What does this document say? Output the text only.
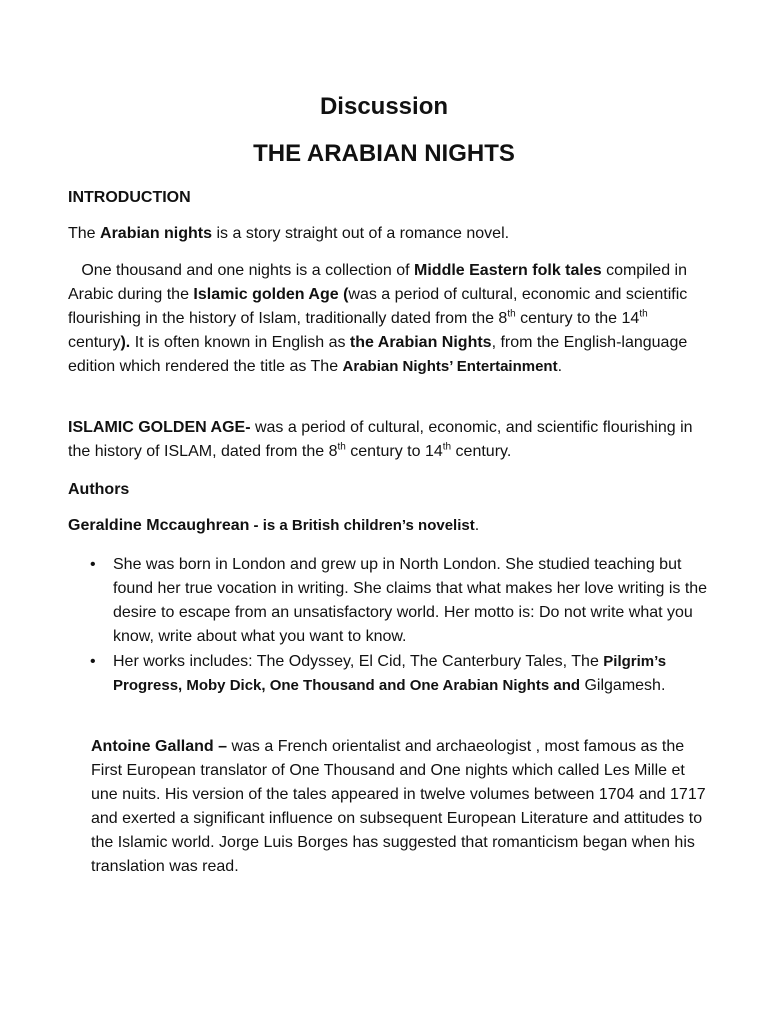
Discussion
THE ARABIAN NIGHTS

INTRODUCTION

The Arabian nights is a story straight out of a romance novel.

One thousand and one nights is a collection of Middle Eastern folk tales compiled in Arabic during the Islamic golden Age (was a period of cultural, economic and scientific flourishing in the history of Islam, traditionally dated from the 8th century to the 14th century). It is often known in English as the Arabian Nights, from the English-language edition which rendered the title as The Arabian Nights’ Entertainment.

ISLAMIC GOLDEN AGE- was a period of cultural, economic, and scientific flourishing in the history of ISLAM, dated from the 8th century to 14th century.

Authors

Geraldine Mccaughrean - is a British children’s novelist.

• She was born in London and grew up in North London. She studied teaching but found her true vocation in writing. She claims that what makes her love writing is the desire to escape from an unsatisfactory world. Her motto is: Do not write what you know, write about what you want to know.
• Her works includes: The Odyssey, El Cid, The Canterbury Tales, The Pilgrim’s Progress, Moby Dick, One Thousand and One Arabian Nights and Gilgamesh.

Antoine Galland – was a French orientalist and archaeologist , most famous as the First European translator of One Thousand and One nights which called Les Mille et une nuits. His version of the tales appeared in twelve volumes between 1704 and 1717 and exerted a significant influence on subsequent European Literature and attitudes to the Islamic world. Jorge Luis Borges has suggested that romanticism began when his translation was read.
